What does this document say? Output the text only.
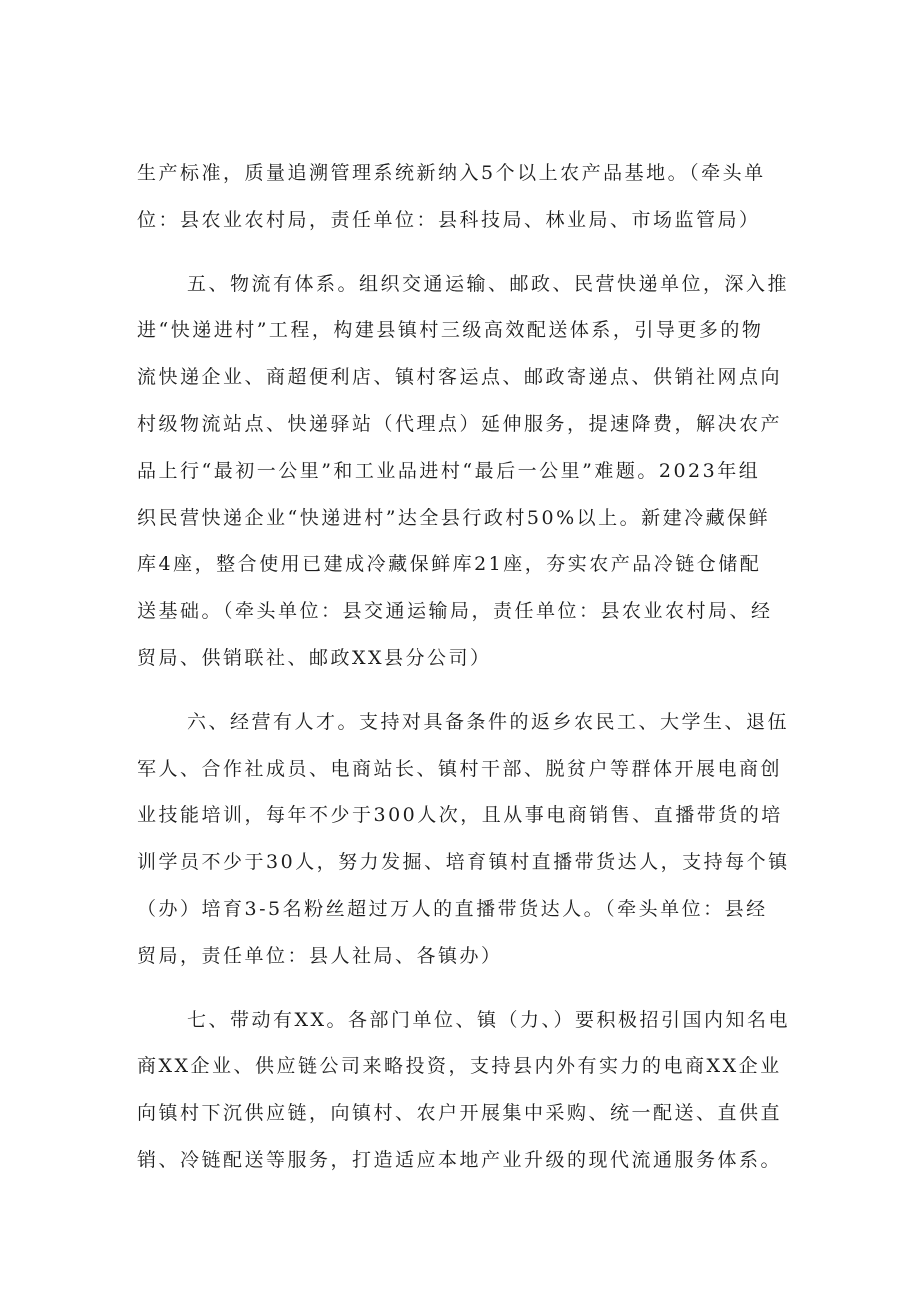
生产标准，质量追溯管理系统新纳入5个以上农产品基地。（牵头单
位：县农业农村局，责任单位：县科技局、林业局、市场监管局）
五、物流有体系。组织交通运输、邮政、民营快递单位，深入推
进“快递进村”工程，构建县镇村三级高效配送体系，引导更多的物
流快递企业、商超便利店、镇村客运点、邮政寄递点、供销社网点向
村级物流站点、快递驿站（代理点）延伸服务，提速降费，解决农产
品上行“最初一公里”和工业品进村“最后一公里”难题。2023年组
织民营快递企业“快递进村”达全县行政村50%以上。新建冷藏保鲜
库4座，整合使用已建成冷藏保鲜库21座，夯实农产品冷链仓储配
送基础。（牵头单位：县交通运输局，责任单位：县农业农村局、经
贸局、供销联社、邮政XX县分公司）
六、经营有人才。支持对具备条件的返乡农民工、大学生、退伍
军人、合作社成员、电商站长、镇村干部、脱贫户等群体开展电商创
业技能培训，每年不少于300人次，且从事电商销售、直播带货的培
训学员不少于30人，努力发掘、培育镇村直播带货达人，支持每个镇
（办）培育3-5名粉丝超过万人的直播带货达人。（牵头单位：县经
贸局，责任单位：县人社局、各镇办）
七、带动有XX。各部门单位、镇（力、）要积极招引国内知名电
商XX企业、供应链公司来略投资，支持县内外有实力的电商XX企业
向镇村下沉供应链，向镇村、农户开展集中采购、统一配送、直供直
销、冷链配送等服务，打造适应本地产业升级的现代流通服务体系。
